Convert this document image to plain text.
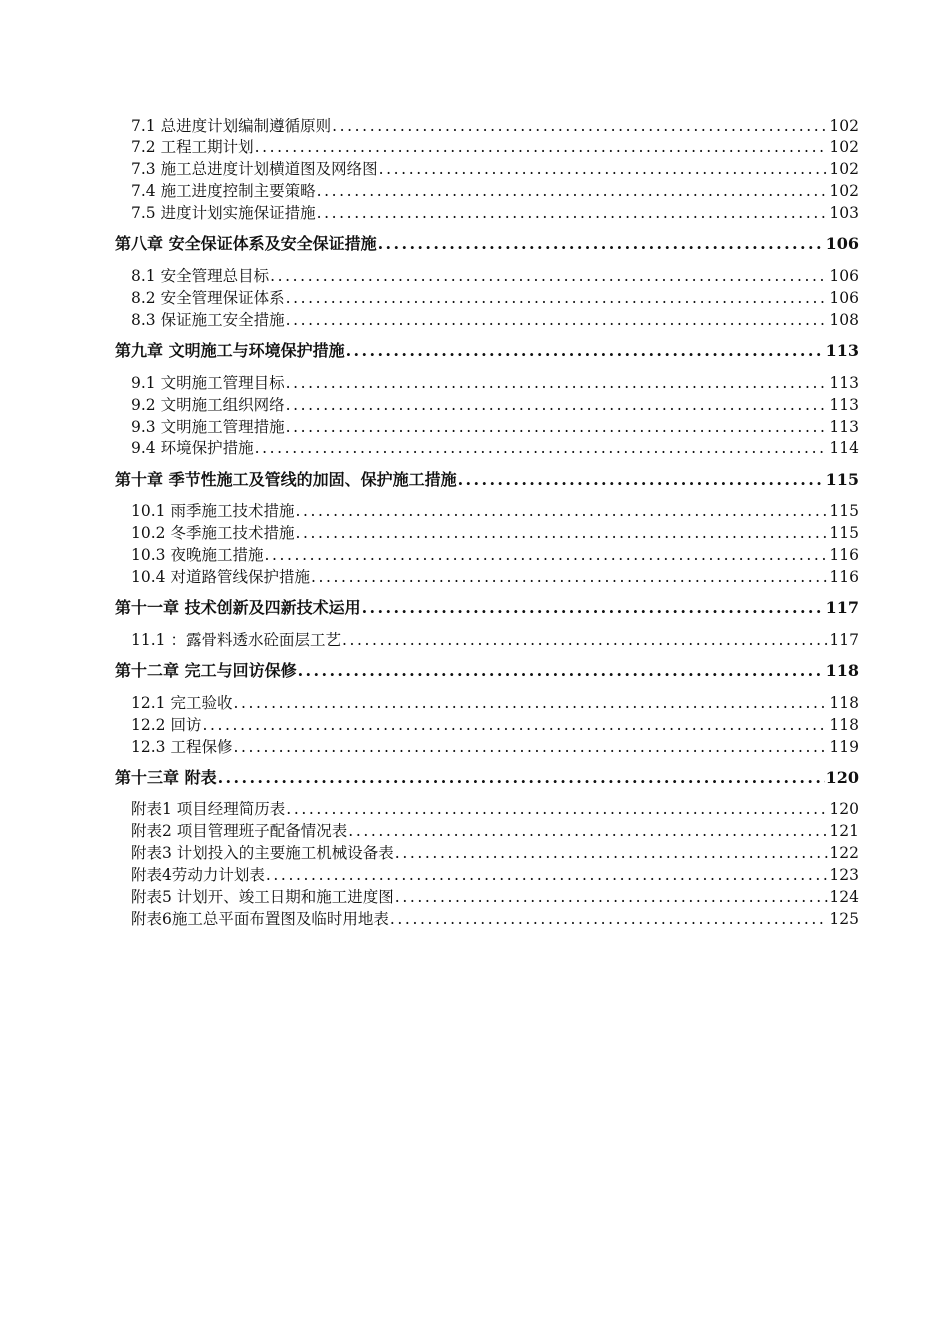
7.1 总进度计划编制遵循原则 .....	102
7.2 工程工期计划 .....	102
7.3 施工总进度计划横道图及网络图 .....	102
7.4 施工进度控制主要策略 .....	102
7.5 进度计划实施保证措施 .....	103
第八章 安全保证体系及安全保证措施 .....	106
8.1 安全管理总目标 .....	106
8.2 安全管理保证体系 .....	106
8.3 保证施工安全措施 .....	108
第九章 文明施工与环境保护措施 .....	113
9.1 文明施工管理目标 .....	113
9.2 文明施工组织网络 .....	113
9.3 文明施工管理措施 .....	113
9.4 环境保护措施 .....	114
第十章 季节性施工及管线的加固、保护施工措施 .....	115
10.1 雨季施工技术措施 .....	115
10.2 冬季施工技术措施 .....	115
10.3 夜晚施工措施 .....	116
10.4 对道路管线保护措施 .....	116
第十一章 技术创新及四新技术运用 .....	117
11.1 ：露骨料透水砼面层工艺 .....	117
第十二章 完工与回访保修 .....	118
12.1 完工验收 .....	118
12.2 回访 .....	118
12.3 工程保修 .....	119
第十三章 附表 .....	120
附表1 项目经理简历表 .....	120
附表2 项目管理班子配备情况表 .....	121
附表3 计划投入的主要施工机械设备表 .....	122
附表4劳动力计划表 .....	123
附表5 计划开、竣工日期和施工进度图 .....	124
附表6施工总平面布置图及临时用地表 .....	125
